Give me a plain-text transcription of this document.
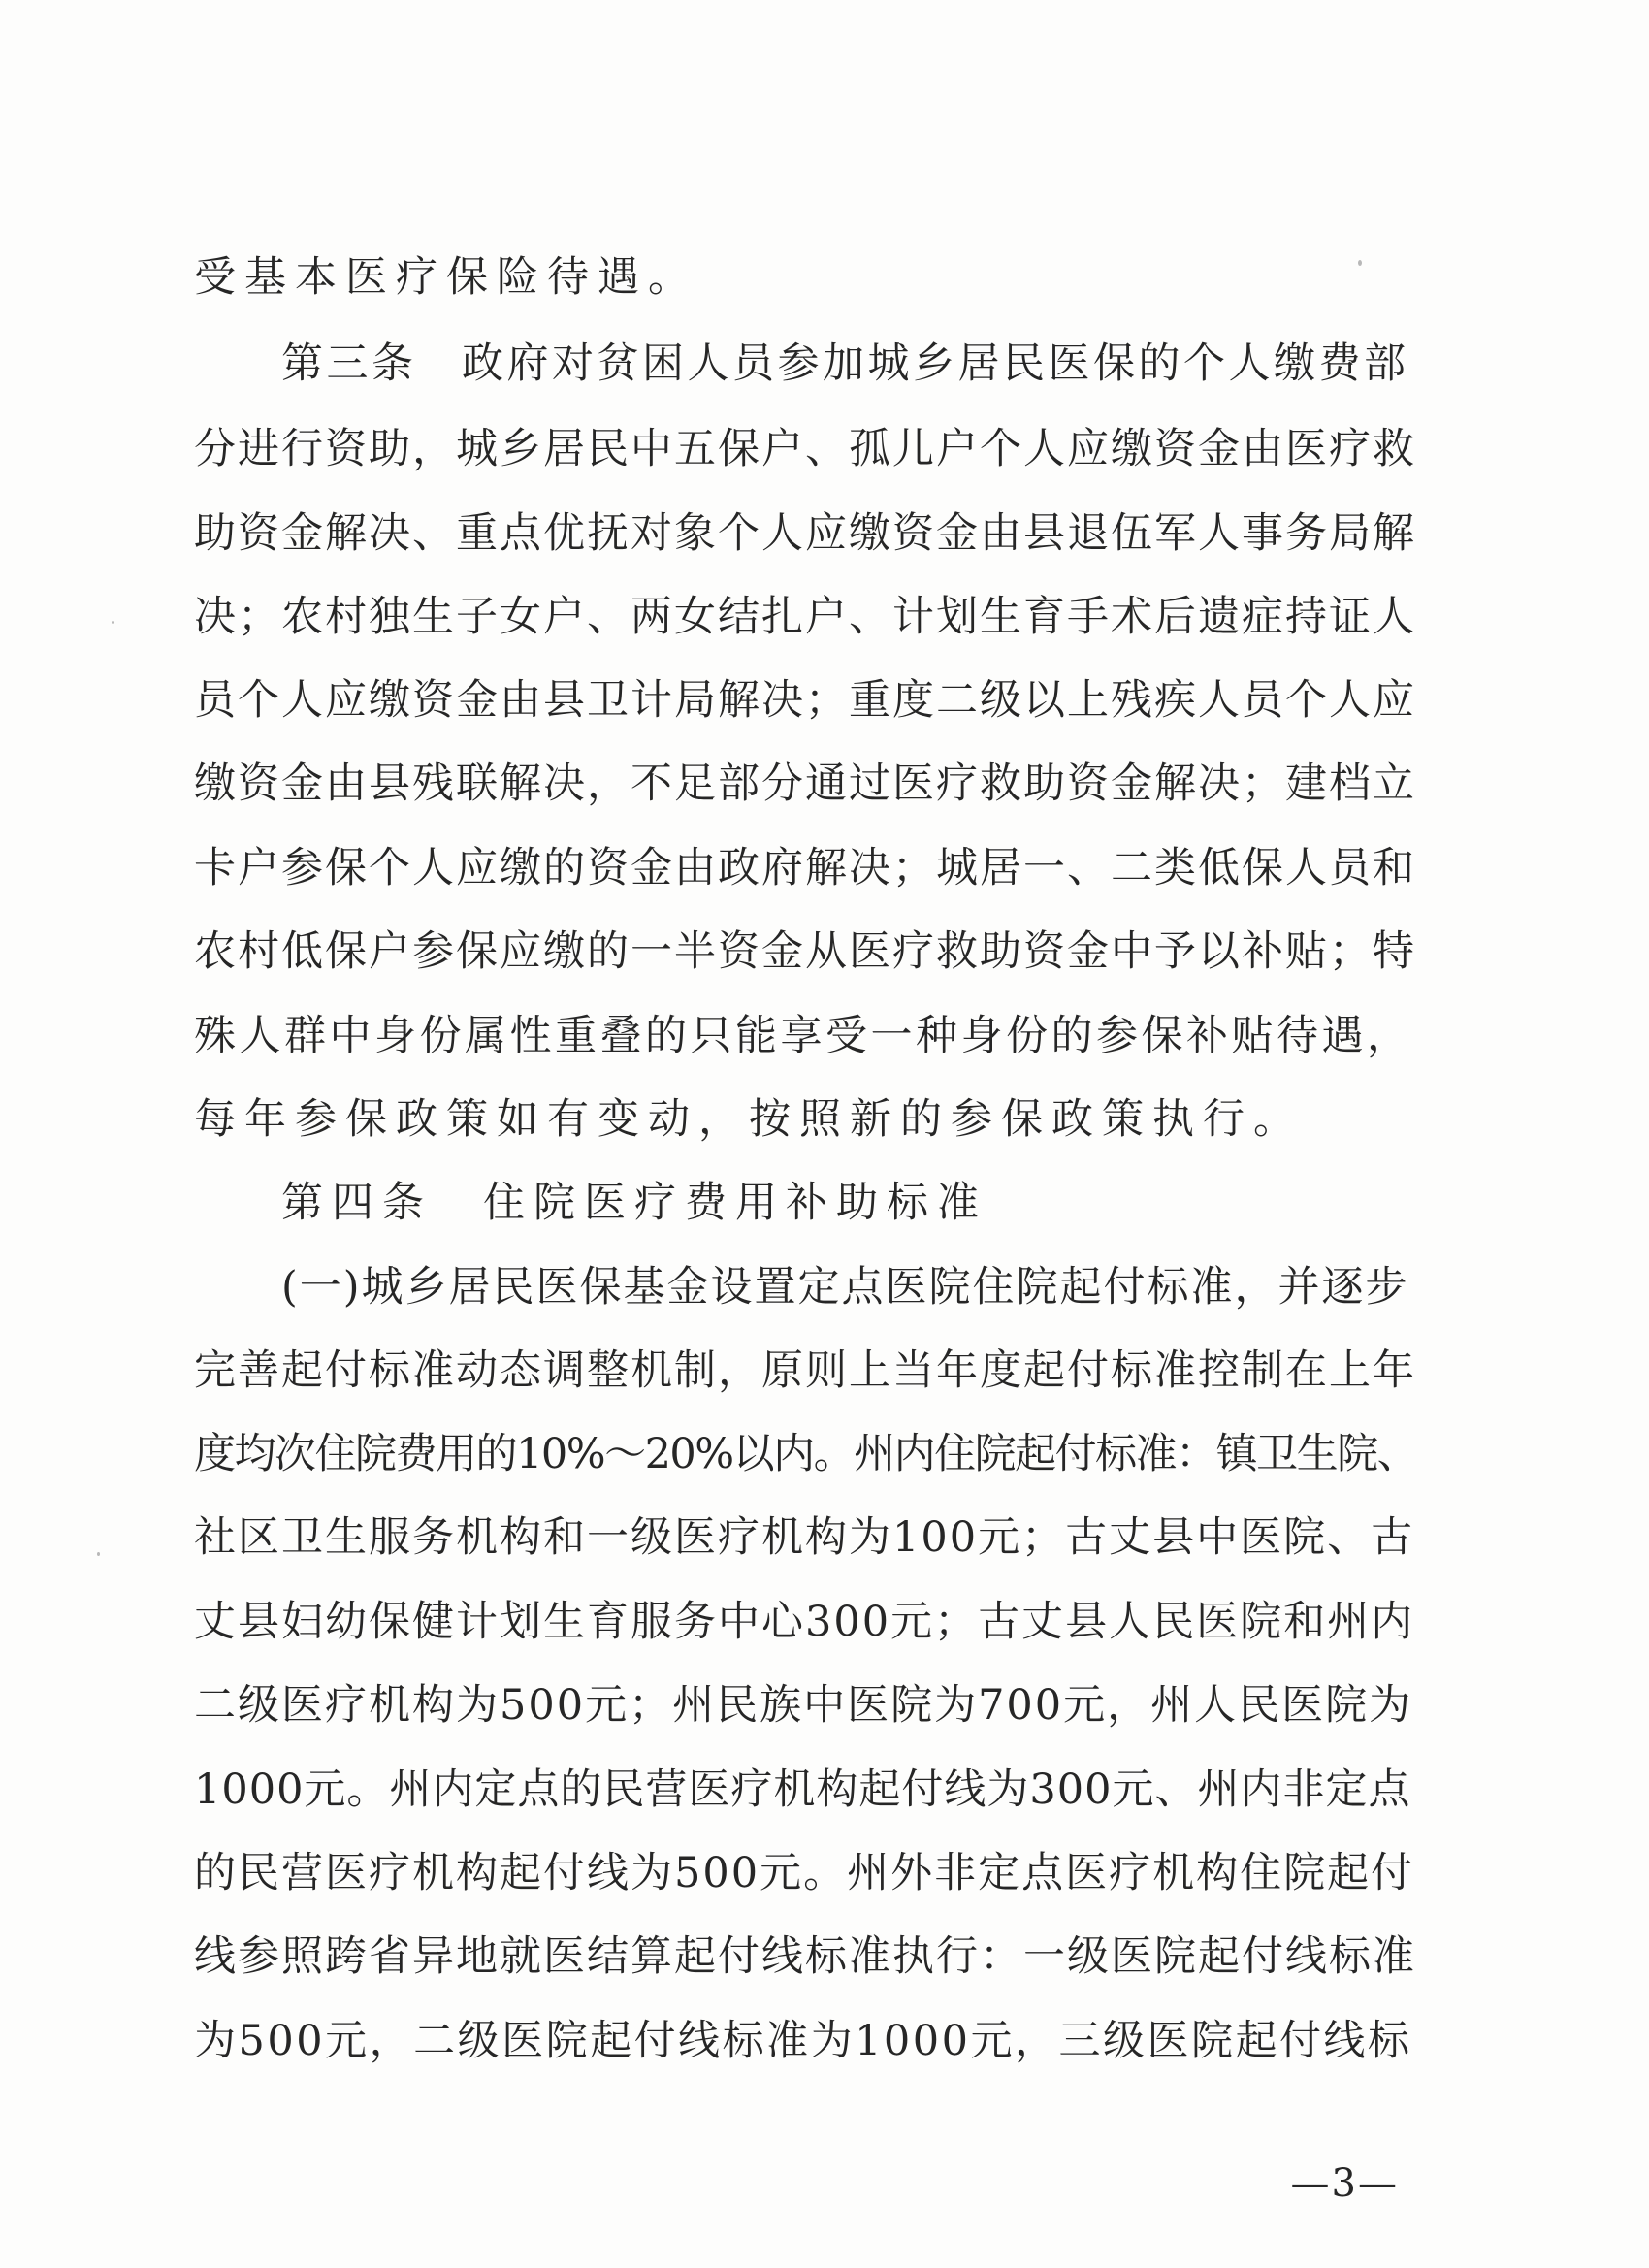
受基本医疗保险待遇。
第三条　政府对贫困人员参加城乡居民医保的个人缴费部
分进行资助，城乡居民中五保户、孤儿户个人应缴资金由医疗救
助资金解决、重点优抚对象个人应缴资金由县退伍军人事务局解
决；农村独生子女户、两女结扎户、计划生育手术后遗症持证人
员个人应缴资金由县卫计局解决；重度二级以上残疾人员个人应
缴资金由县残联解决，不足部分通过医疗救助资金解决；建档立
卡户参保个人应缴的资金由政府解决；城居一、二类低保人员和
农村低保户参保应缴的一半资金从医疗救助资金中予以补贴；特
殊人群中身份属性重叠的只能享受一种身份的参保补贴待遇，
每年参保政策如有变动，按照新的参保政策执行。
第四条　住院医疗费用补助标准
(一)城乡居民医保基金设置定点医院住院起付标准，并逐步
完善起付标准动态调整机制，原则上当年度起付标准控制在上年
度均次住院费用的10%～20%以内。州内住院起付标准：镇卫生院、
社区卫生服务机构和一级医疗机构为100元；古丈县中医院、古
丈县妇幼保健计划生育服务中心300元；古丈县人民医院和州内
二级医疗机构为500元；州民族中医院为700元，州人民医院为
1000元。州内定点的民营医疗机构起付线为300元、州内非定点
的民营医疗机构起付线为500元。州外非定点医疗机构住院起付
线参照跨省异地就医结算起付线标准执行：一级医院起付线标准
为500元，二级医院起付线标准为1000元，三级医院起付线标
—3—
